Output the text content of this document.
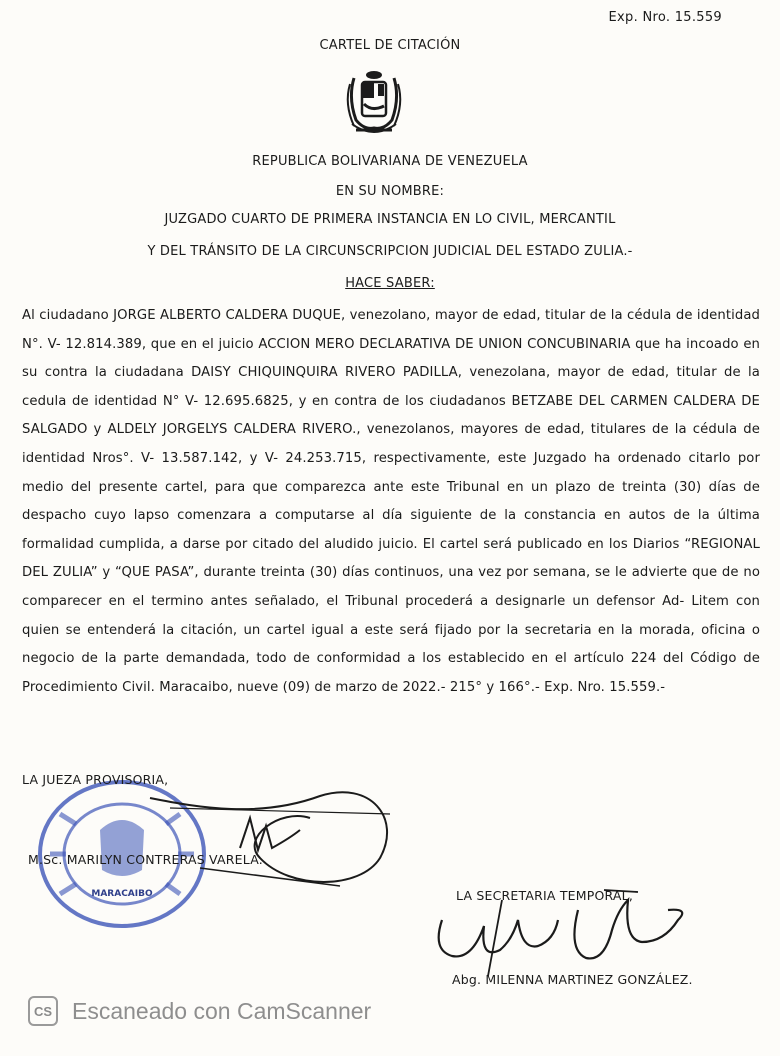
Exp. Nro. 15.559
CARTEL DE CITACIÓN
REPUBLICA BOLIVARIANA DE VENEZUELA
EN SU NOMBRE:
JUZGADO CUARTO DE PRIMERA INSTANCIA EN LO CIVIL, MERCANTIL
Y DEL TRÁNSITO DE LA CIRCUNSCRIPCION JUDICIAL DEL ESTADO ZULIA.-
HACE SABER:
Al ciudadano JORGE ALBERTO CALDERA DUQUE, venezolano, mayor de edad, titular de la cédula de identidad N°. V- 12.814.389, que en el juicio ACCION MERO DECLARATIVA DE UNION CONCUBINARIA que ha incoado en su contra la ciudadana DAISY CHIQUINQUIRA RIVERO PADILLA, venezolana, mayor de edad, titular de la cedula de identidad N° V- 12.695.6825, y en contra de los ciudadanos BETZABE DEL CARMEN CALDERA DE SALGADO y ALDELY JORGELYS CALDERA RIVERO., venezolanos, mayores de edad, titulares de la cédula de identidad Nros°. V- 13.587.142, y V- 24.253.715, respectivamente, este Juzgado ha ordenado citarlo por medio del presente cartel, para que comparezca ante este Tribunal en un plazo de treinta (30) días de despacho cuyo lapso comenzara a computarse al día siguiente de la constancia en autos de la última formalidad cumplida, a darse por citado del aludido juicio. El cartel será publicado en los Diarios “REGIONAL DEL ZULIA” y “QUE PASA”, durante treinta (30) días continuos, una vez por semana, se le advierte que de no comparecer en el termino antes señalado, el Tribunal procederá a designarle un defensor Ad- Litem con quien se entenderá la citación, un cartel igual a este será fijado por la secretaria en la morada, oficina o negocio de la parte demandada, todo de conformidad a los establecido en el artículo 224 del Código de Procedimiento Civil. Maracaibo, nueve (09) de marzo de 2022.- 215° y 166°.- Exp. Nro. 15.559.-
MARACAIBO
LA JUEZA PROVISORIA,
M.Sc. MARILYN CONTRERAS VARELA.
LA SECRETARIA TEMPORAL,
Abg. MILENNA MARTINEZ GONZÁLEZ.
CS Escaneado con CamScanner
